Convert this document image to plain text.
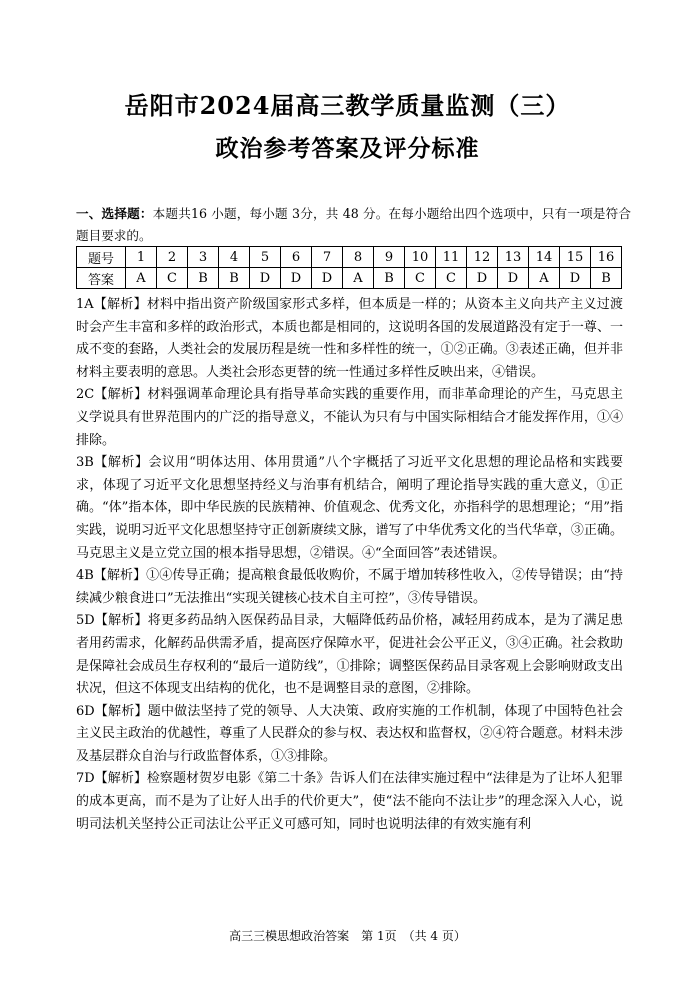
岳阳市2024届高三教学质量监测（三）
政治参考答案及评分标准
一、选择题：本题共16 小题，每小题 3分，共 48 分。在每小题给出四个选项中，只有一项是符合题目要求的。
题号	1	2	3	4	5	6	7	8	9	10	11	12	13	14	15	16
答案	A	C	B	B	D	D	D	A	B	C	C	D	D	A	D	B
1A【解析】材料中指出资产阶级国家形式多样，但本质是一样的；从资本主义向共产主义过渡时会产生丰富和多样的政治形式，本质也都是相同的，这说明各国的发展道路没有定于一尊、一成不变的套路，人类社会的发展历程是统一性和多样性的统一，①②正确。③表述正确，但并非材料主要表明的意思。人类社会形态更替的统一性通过多样性反映出来，④错误。
2C【解析】材料强调革命理论具有指导革命实践的重要作用，而非革命理论的产生，马克思主义学说具有世界范围内的广泛的指导意义，不能认为只有与中国实际相结合才能发挥作用，①④排除。
3B【解析】会议用“明体达用、体用贯通”八个字概括了习近平文化思想的理论品格和实践要求，体现了习近平文化思想坚持经义与治事有机结合，阐明了理论指导实践的重大意义，①正确。“体”指本体，即中华民族的民族精神、价值观念、优秀文化，亦指科学的思想理论；“用”指实践，说明习近平文化思想坚持守正创新赓续文脉，谱写了中华优秀文化的当代华章，③正确。马克思主义是立党立国的根本指导思想，②错误。④“全面回答”表述错误。
4B【解析】①④传导正确；提高粮食最低收购价，不属于增加转移性收入，②传导错误；由“持续减少粮食进口”无法推出“实现关键核心技术自主可控”，③传导错误。
5D【解析】将更多药品纳入医保药品目录，大幅降低药品价格，减轻用药成本，是为了满足患者用药需求，化解药品供需矛盾，提高医疗保障水平，促进社会公平正义，③④正确。社会救助是保障社会成员生存权利的“最后一道防线”，①排除；调整医保药品目录客观上会影响财政支出状况，但这不体现支出结构的优化，也不是调整目录的意图，②排除。
6D【解析】题中做法坚持了党的领导、人大决策、政府实施的工作机制，体现了中国特色社会主义民主政治的优越性，尊重了人民群众的参与权、表达权和监督权，②④符合题意。材料未涉及基层群众自治与行政监督体系，①③排除。
7D【解析】检察题材贺岁电影《第二十条》告诉人们在法律实施过程中“法律是为了让坏人犯罪的成本更高，而不是为了让好人出手的代价更大”，使“法不能向不法让步”的理念深入人心，说明司法机关坚持公正司法让公平正义可感可知，同时也说明法律的有效实施有利
高三三模思想政治答案　第 1页　（共 4 页）
